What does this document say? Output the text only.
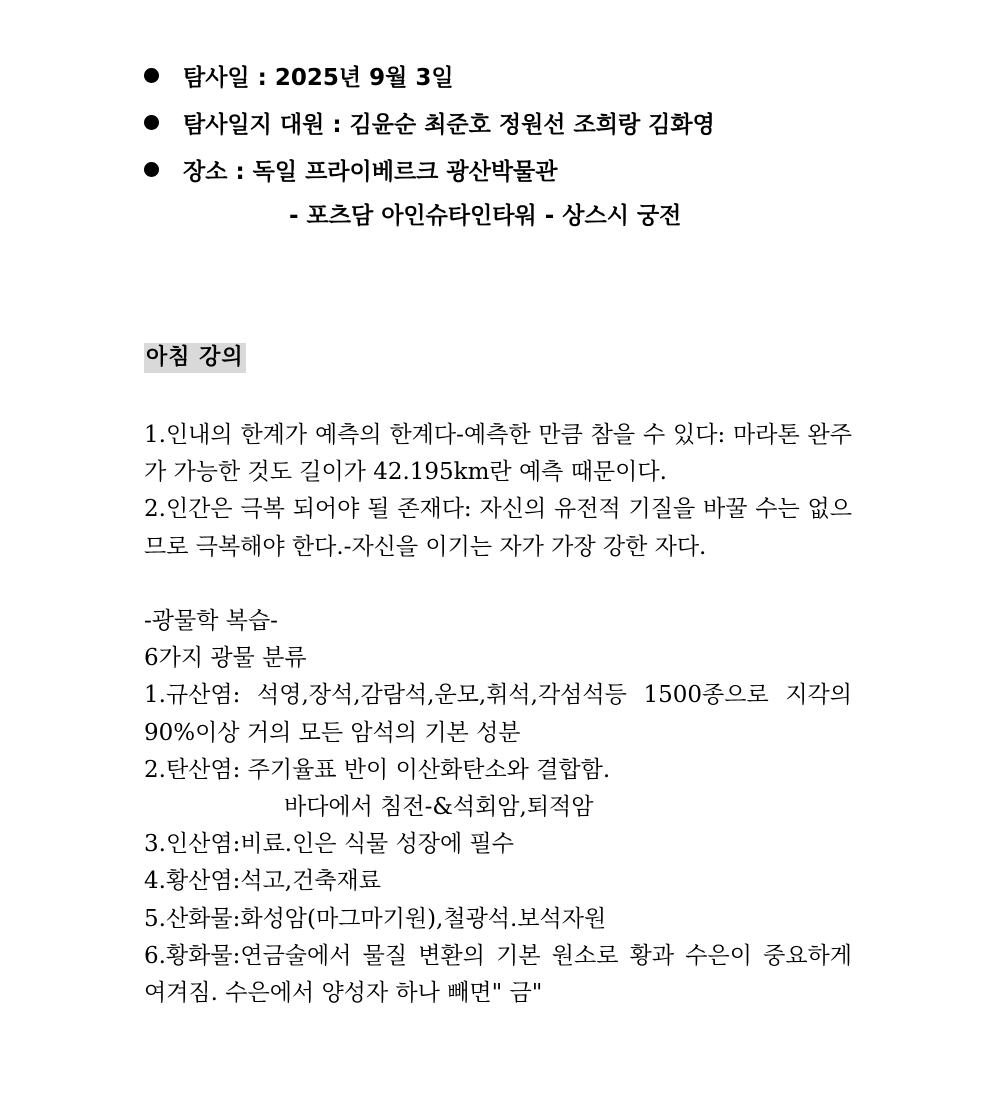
탐사일 : 2025년 9월 3일
탐사일지 대원 : 김윤순 최준호 정원선 조희랑 김화영
장소 : 독일 프라이베르크 광산박물관
- 포츠담 아인슈타인타워 - 상스시 궁전
아침 강의

1.인내의 한계가 예측의 한계다-예측한 만큼 참을 수 있다: 마라톤 완주가 가능한 것도 길이가 42.195km란 예측 때문이다.

2.인간은 극복 되어야 될 존재다: 자신의 유전적 기질을 바꿀 수는 없으므로 극복해야 한다.-자신을 이기는 자가 가장 강한 자다.

-광물학 복습-

6가지 광물 분류

1.규산염: 석영,장석,감람석,운모,휘석,각섬석등 1500종으로 지각의90%이상 거의 모든 암석의 기본 성분

2.탄산염: 주기율표 반이 이산화탄소와 결합함.

바다에서 침전-&석회암,퇴적암

3.인산염:비료.인은 식물 성장에 필수

4.황산염:석고,건축재료

5.산화물:화성암(마그마기원),철광석.보석자원

6.황화물:연금술에서 물질 변환의 기본 원소로 황과 수은이 중요하게 여겨짐. 수은에서 양성자 하나 빼면" 금"
